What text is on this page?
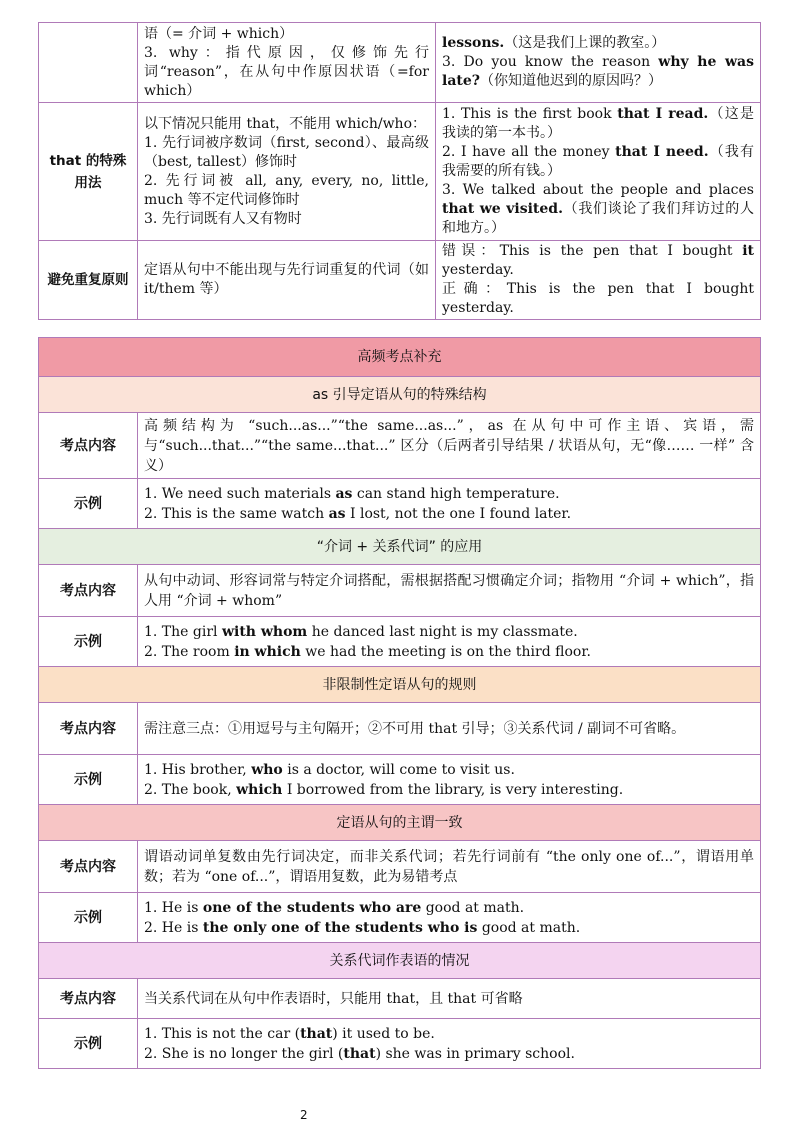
	语（= 介词 + which）
3. why：指代原因，仅修饰先行词“reason”，在从句中作原因状语（=for which）	lessons.（这是我们上课的教室。）
3. Do you know the reason why he was late?（你知道他迟到的原因吗？）

that 的特殊用法	以下情况只能用 that，不能用 which/who：
1. 先行词被序数词（first, second）、最高级（best, tallest）修饰时
2. 先行词被 all, any, every, no, little, much 等不定代词修饰时
3. 先行词既有人又有物时	1. This is the first book that I read.（这是我读的第一本书。）
2. I have all the money that I need.（我有我需要的所有钱。）
3. We talked about the people and places that we visited.（我们谈论了我们拜访过的人和地方。）

避免重复原则	定语从句中不能出现与先行词重复的代词（如 it/them 等）	错误：This is the pen that I bought it yesterday.
正确：This is the pen that I bought yesterday.
高频考点补充	
as 引导定语从句的特殊结构	
考点内容	高频结构为 “such...as...”“the same...as...”，as 在从句中可作主语、宾语，需与“such...that...”“the same...that...” 区分（后两者引导结果 / 状语从句，无“像…… 一样” 含义）
示例	1. We need such materials as can stand high temperature.
2. This is the same watch as I lost, not the one I found later.

“介词 + 关系代词” 的应用	
考点内容	从句中动词、形容词常与特定介词搭配，需根据搭配习惯确定介词；指物用 “介词 + which”，指人用 “介词 + whom”
示例	1. The girl with whom he danced last night is my classmate.
2. The room in which we had the meeting is on the third floor.

非限制性定语从句的规则	
考点内容	需注意三点：①用逗号与主句隔开；②不可用 that 引导；③关系代词 / 副词不可省略。
示例	1. His brother, who is a doctor, will come to visit us.
2. The book, which I borrowed from the library, is very interesting.

定语从句的主谓一致	
考点内容	谓语动词单复数由先行词决定，而非关系代词；若先行词前有 “the only one of...”，谓语用单数；若为 “one of...”，谓语用复数，此为易错考点
示例	1. He is one of the students who are good at math.
2. He is the only one of the students who is good at math.

关系代词作表语的情况	
考点内容	当关系代词在从句中作表语时，只能用 that，且 that 可省略
示例	1. This is not the car (that) it used to be.
2. She is no longer the girl (that) she was in primary school.
2
